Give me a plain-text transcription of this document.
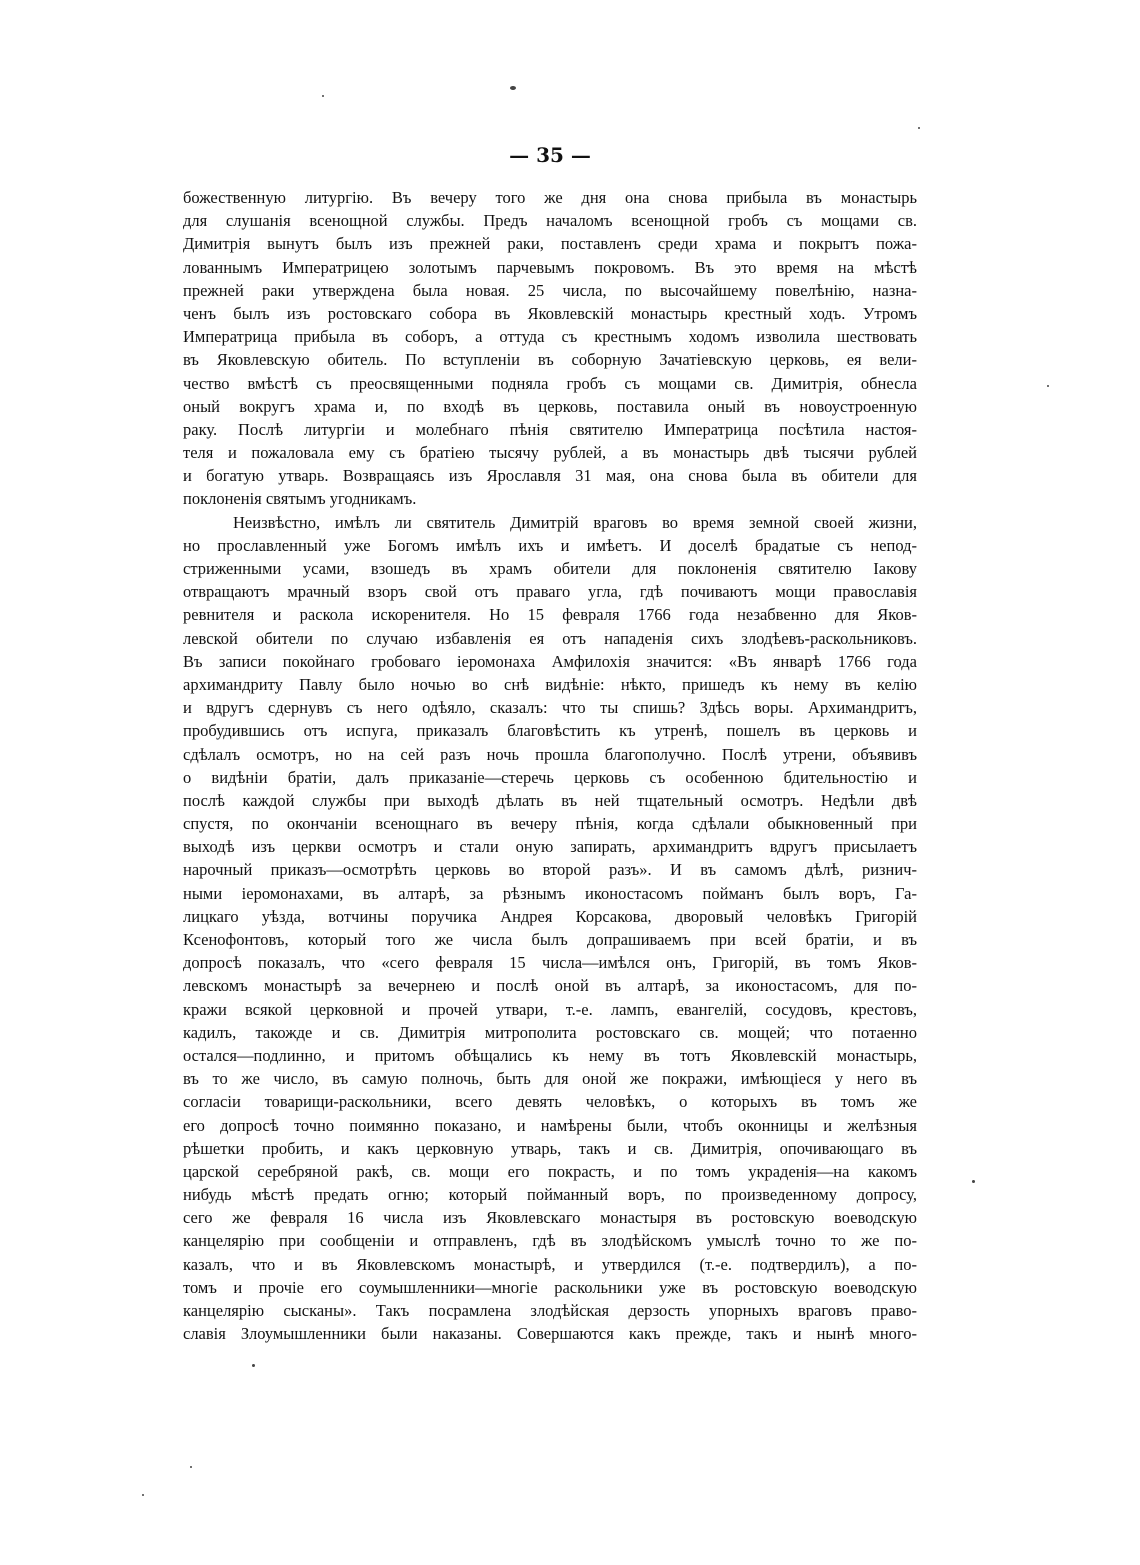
— 35 —

божественную литургію. Въ вечеру того же дня она снова прибыла въ монастырь
для слушанія всенощной службы. Предъ началомъ всенощной гробъ съ мощами св.
Димитрія вынутъ былъ изъ прежней раки, поставленъ среди храма и покрытъ пожа-
лованнымъ Императрицею золотымъ парчевымъ покровомъ. Въ это время на мѣстѣ
прежней раки утверждена была новая. 25 числа, по высочайшему повелѣнію, назна-
ченъ былъ изъ ростовскаго собора въ Яковлевскій монастырь крестный ходъ. Утромъ
Императрица прибыла въ соборъ, а оттуда съ крестнымъ ходомъ изволила шествовать
въ Яковлевскую обитель. По вступленіи въ соборную Зачатіевскую церковь, ея вели-
чество вмѣстѣ съ преосвященными подняла гробъ съ мощами св. Димитрія, обнесла
оный вокругъ храма и, по входѣ въ церковь, поставила оный въ новоустроенную
раку. Послѣ литургіи и молебнаго пѣнія святителю Императрица посѣтила настоя-
теля и пожаловала ему съ братіею тысячу рублей, а въ монастырь двѣ тысячи рублей
и богатую утварь. Возвращаясь изъ Ярославля 31 мая, она снова была въ обители для
поклоненія святымъ угодникамъ.

Неизвѣстно, имѣлъ ли святитель Димитрій враговъ во время земной своей жизни,
но прославленный уже Богомъ имѣлъ ихъ и имѣетъ. И доселѣ брадатые съ непод-
стриженными усами, взошедъ въ храмъ обители для поклоненія святителю Іакову
отвращаютъ мрачный взоръ свой отъ праваго угла, гдѣ почиваютъ мощи православія
ревнителя и раскола искоренителя. Но 15 февраля 1766 года незабвенно для Яков-
левской обители по случаю избавленія ея отъ нападенія сихъ злодѣевъ-раскольниковъ.
Въ записи покойнаго гробоваго іеромонаха Амфилохія значится: «Въ январѣ 1766 года
архимандриту Павлу было ночью во снѣ видѣніе: нѣкто, пришедъ къ нему въ келію
и вдругъ сдернувъ съ него одѣяло, сказалъ: что ты спишь? Здѣсь воры. Архимандритъ,
пробудившись отъ испуга, приказалъ благовѣстить къ утренѣ, пошелъ въ церковь и
сдѣлалъ осмотръ, но на сей разъ ночь прошла благополучно. Послѣ утрени, объявивъ
о видѣніи братіи, далъ приказаніе—стеречь церковь съ особенною бдительностію и
послѣ каждой службы при выходѣ дѣлать въ ней тщательный осмотръ. Недѣли двѣ
спустя, по окончаніи всенощнаго въ вечеру пѣнія, когда сдѣлали обыкновенный при
выходѣ изъ церкви осмотръ и стали оную запирать, архимандритъ вдругъ присылаетъ
нарочный приказъ—осмотрѣть церковь во второй разъ». И въ самомъ дѣлѣ, ризнич-
ными іеромонахами, въ алтарѣ, за рѣзнымъ иконостасомъ пойманъ былъ воръ, Га-
лицкаго уѣзда, вотчины поручика Андрея Корсакова, дворовый человѣкъ Григорій
Ксенофонтовъ, который того же числа былъ допрашиваемъ при всей братіи, и въ
допросѣ показалъ, что «сего февраля 15 числа—имѣлся онъ, Григорій, въ томъ Яков-
левскомъ монастырѣ за вечернею и послѣ оной въ алтарѣ, за иконостасомъ, для по-
кражи всякой церковной и прочей утвари, т.-е. лампъ, евангелій, сосудовъ, крестовъ,
кадилъ, такожде и св. Димитрія митрополита ростовскаго св. мощей; что потаенно
остался—подлинно, и притомъ обѣщались къ нему въ тотъ Яковлевскій монастырь,
въ то же число, въ самую полночь, быть для оной же покражи, имѣющіеся у него въ
согласіи товарищи-раскольники, всего девять человѣкъ, о которыхъ въ томъ же
его допросѣ точно поимянно показано, и намѣрены были, чтобъ оконницы и желѣзныя
рѣшетки пробить, и какъ церковную утварь, такъ и св. Димитрія, опочивающаго въ
царской серебряной ракѣ, св. мощи его покрасть, и по томъ украденія—на какомъ
нибудь мѣстѣ предать огню; который пойманный воръ, по произведенному допросу,
сего же февраля 16 числа изъ Яковлевскаго монастыря въ ростовскую воеводскую
канцелярію при сообщеніи и отправленъ, гдѣ въ злодѣйскомъ умыслѣ точно то же по-
казалъ, что и въ Яковлевскомъ монастырѣ, и утвердился (т.-е. подтвердилъ), а по-
томъ и прочіе его соумышленники—многіе раскольники уже въ ростовскую воеводскую
канцелярію сысканы». Такъ посрамлена злодѣйская дерзость упорныхъ враговъ право-
славія Злоумышленники были наказаны. Совершаются какъ прежде, такъ и нынѣ много-
